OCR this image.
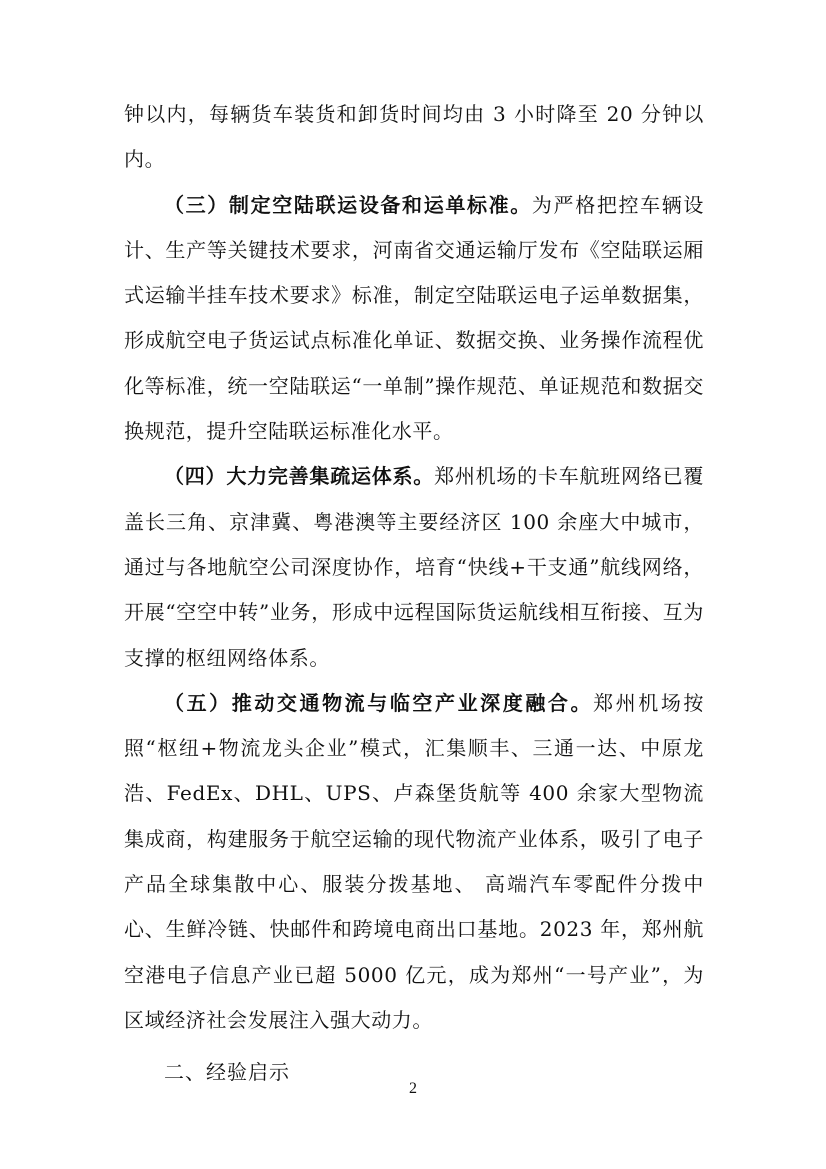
钟以内，每辆货车装货和卸货时间均由 3 小时降至 20 分钟以内。

（三）制定空陆联运设备和运单标准。为严格把控车辆设计、生产等关键技术要求，河南省交通运输厅发布《空陆联运厢式运输半挂车技术要求》标准，制定空陆联运电子运单数据集，形成航空电子货运试点标准化单证、数据交换、业务操作流程优化等标准，统一空陆联运“一单制”操作规范、单证规范和数据交换规范，提升空陆联运标准化水平。

（四）大力完善集疏运体系。郑州机场的卡车航班网络已覆盖长三角、京津冀、粤港澳等主要经济区 100 余座大中城市，通过与各地航空公司深度协作，培育“快线+干支通”航线网络，开展“空空中转”业务，形成中远程国际货运航线相互衔接、互为支撑的枢纽网络体系。

（五）推动交通物流与临空产业深度融合。郑州机场按照“枢纽+物流龙头企业”模式，汇集顺丰、三通一达、中原龙浩、FedEx、DHL、UPS、卢森堡货航等 400 余家大型物流集成商，构建服务于航空运输的现代物流产业体系，吸引了电子产品全球集散中心、服装分拨基地、 高端汽车零配件分拨中心、生鲜冷链、快邮件和跨境电商出口基地。2023 年，郑州航空港电子信息产业已超 5000 亿元，成为郑州“一号产业”，为区域经济社会发展注入强大动力。

二、经验启示

2
